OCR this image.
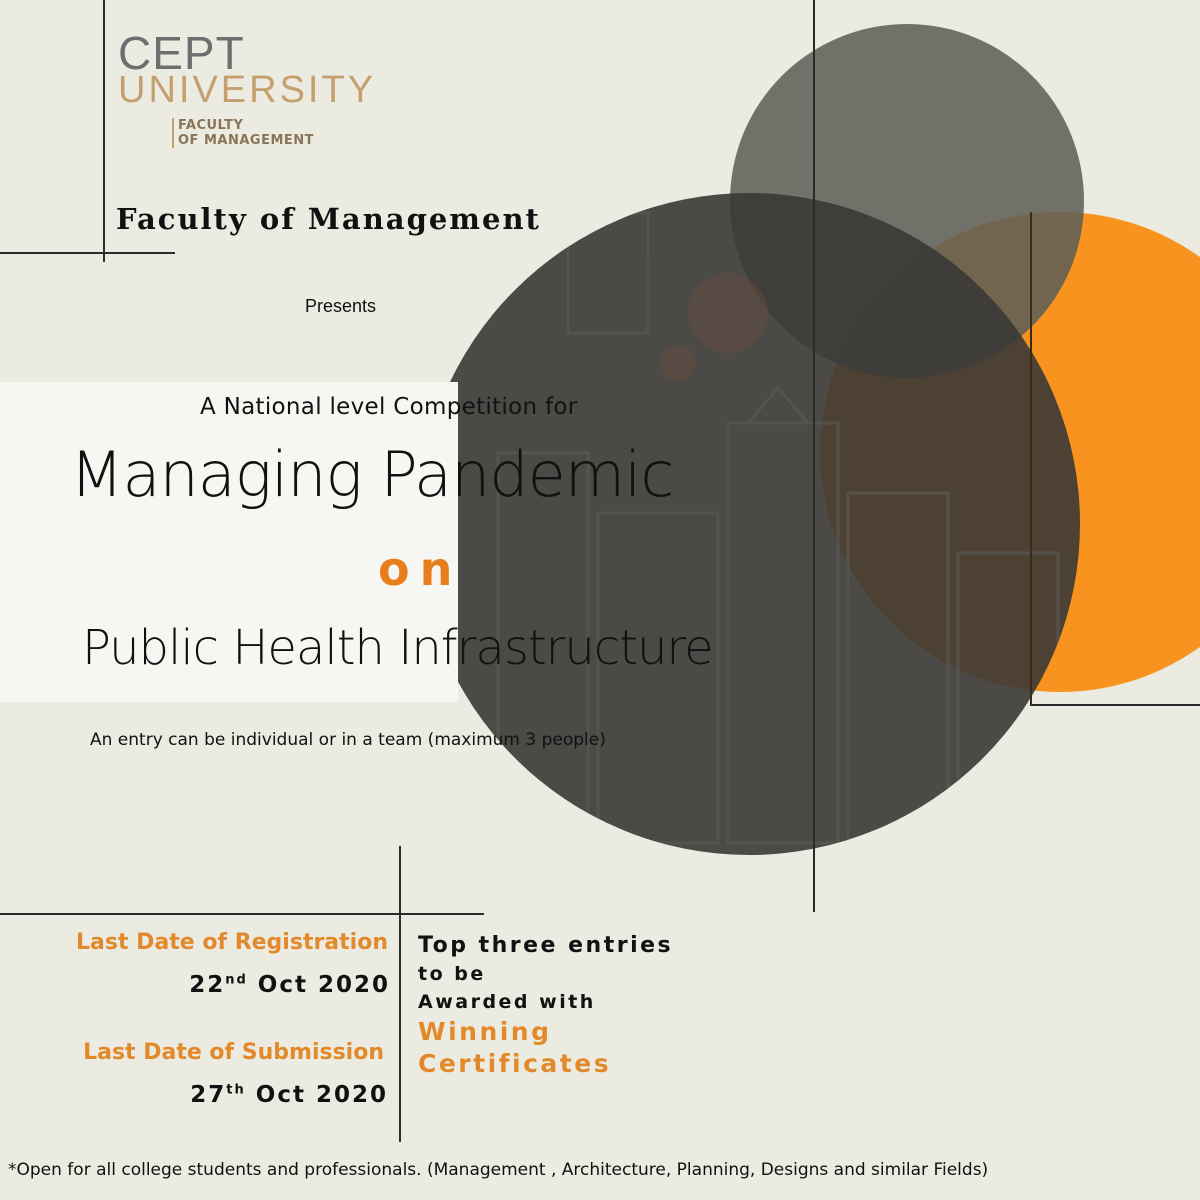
CEPT
UNIVERSITY
FACULTY
OF MANAGEMENT
Faculty of Management
Presents
A National level Competition for
Managing Pandemic
on
Public Health Infrastructure
An entry can be individual or in a team (maximum 3 people)
Last Date of Registration
22nd Oct 2020
Last Date of Submission
27th Oct 2020
Top three entries
to be
Awarded with
Winning
Certificates
*Open for all college students and professionals. (Management , Architecture, Planning, Designs and similar Fields)
